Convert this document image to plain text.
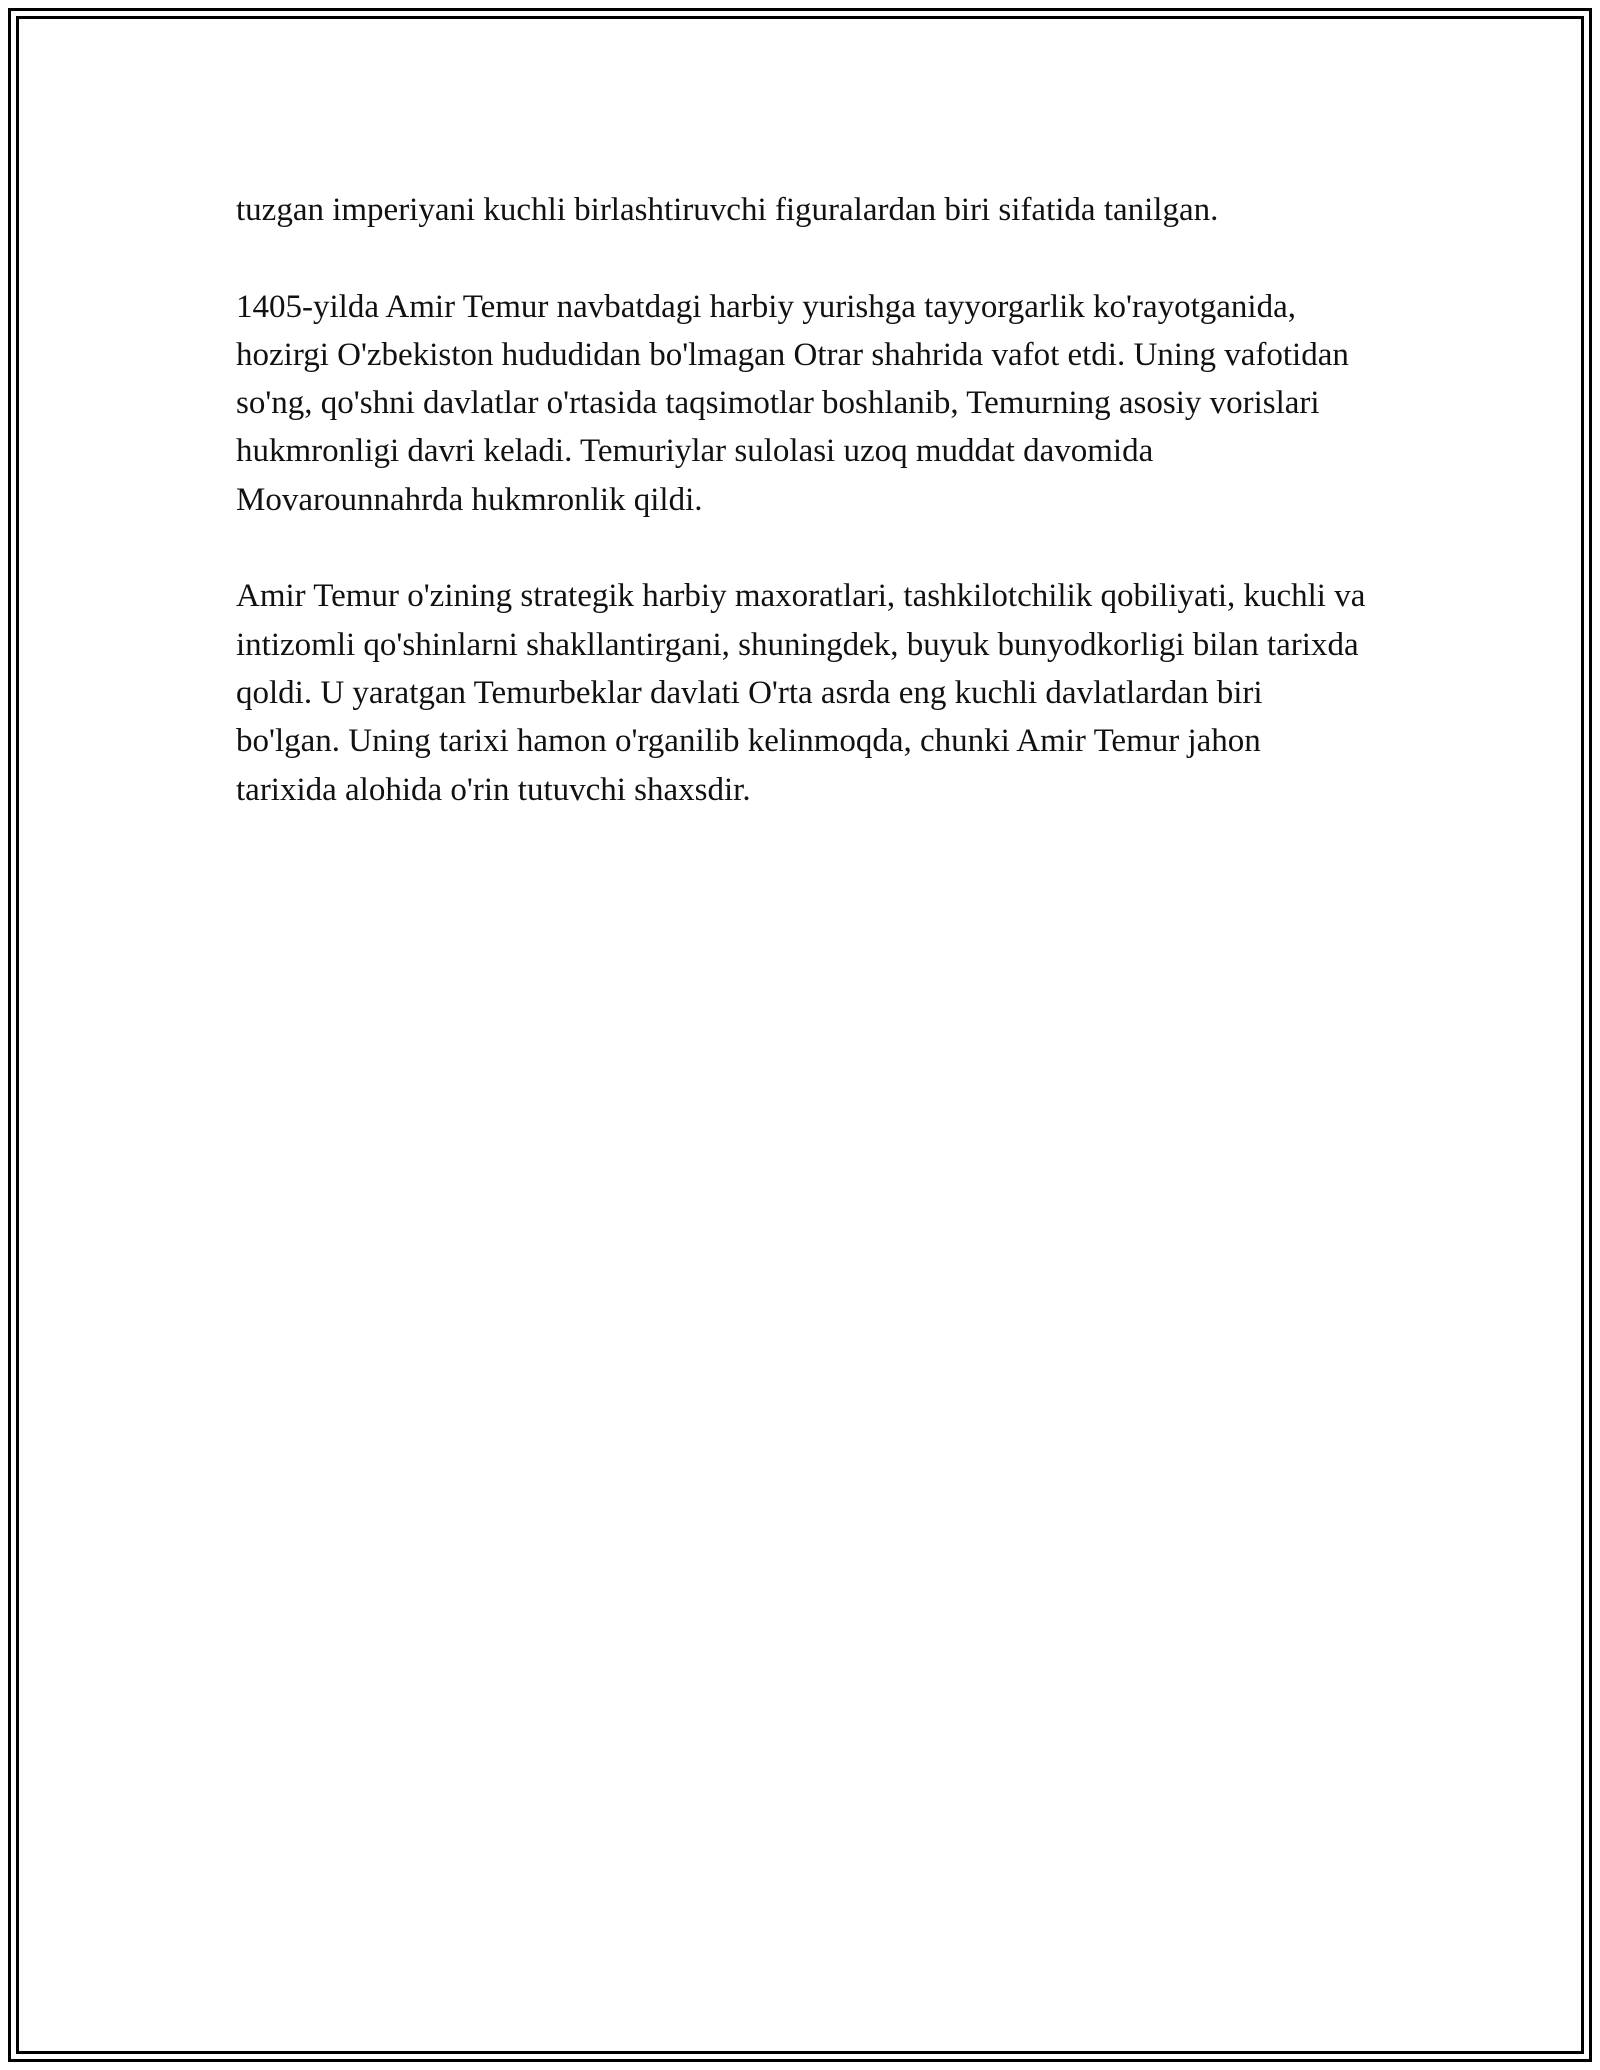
tuzgan imperiyani kuchli birlashtiruvchi figuralardan biri sifatida tanilgan.

1405-yilda Amir Temur navbatdagi harbiy yurishga tayyorgarlik ko'rayotganida, hozirgi O'zbekiston hududidan bo'lmagan Otrar shahrida vafot etdi. Uning vafotidan so'ng, qo'shni davlatlar o'rtasida taqsimotlar boshlanib, Temurning asosiy vorislari hukmronligi davri keladi. Temuriylar sulolasi uzoq muddat davomida Movarounnahrda hukmronlik qildi.

Amir Temur o'zining strategik harbiy maxoratlari, tashkilotchilik qobiliyati, kuchli va intizomli qo'shinlarni shakllantirgani, shuningdek, buyuk bunyodkorligi bilan tarixda qoldi. U yaratgan Temurbeklar davlati O'rta asrda eng kuchli davlatlardan biri bo'lgan. Uning tarixi hamon o'rganilib kelinmoqda, chunki Amir Temur jahon tarixida alohida o'rin tutuvchi shaxsdir.
